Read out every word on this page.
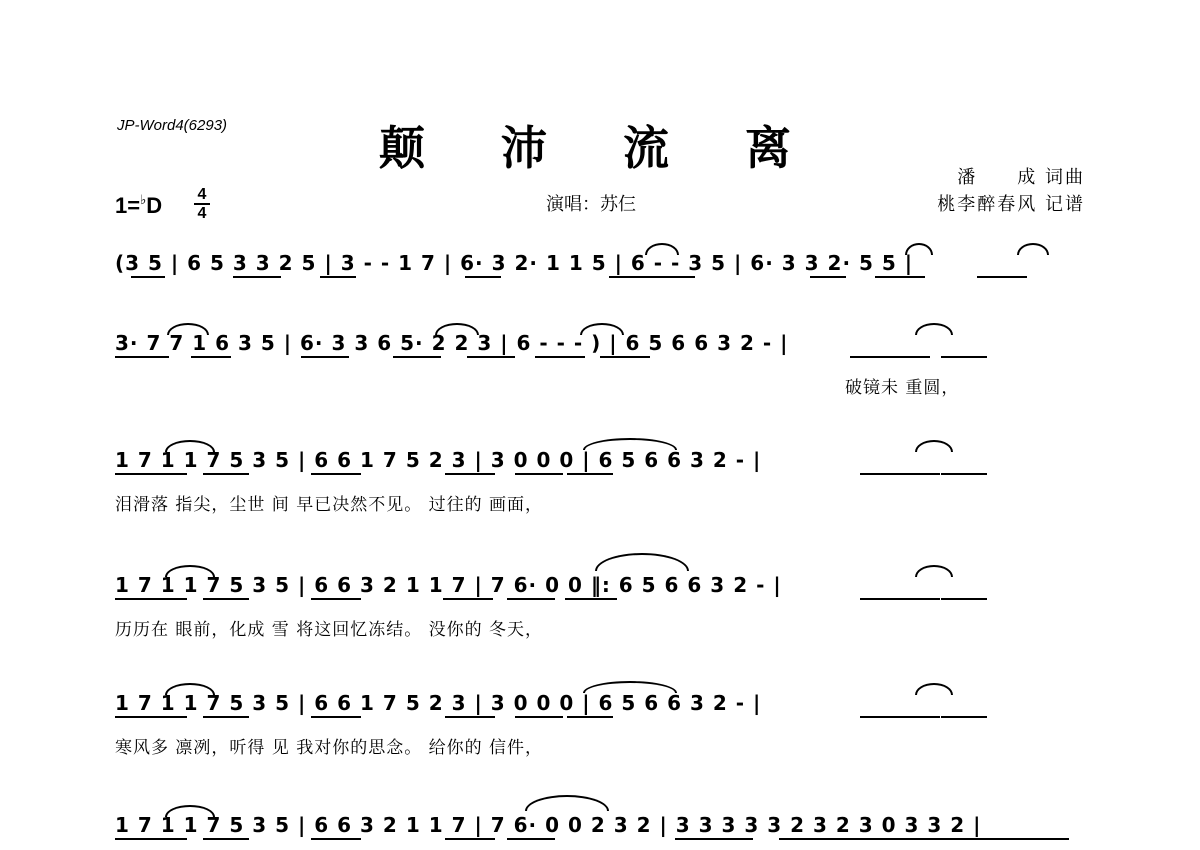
JP-Word4(6293)	颠 沛 流 离
1=♭D	4
4	演唱：苏仨
潘　　成 词曲
桃李醉春风 记谱
(3 5 | 6 5 3 3 2 5 | 3 - - 1 7 | 6· 3 2· 1 1 5 | 6 - - 3 5 | 6· 3 3 2· 5 5 |
3· 7 7 1 6 3 5 | 6· 3 3 6 5· 2 2 3 | 6 - - - ) | 6 5 6 6 3 2 - |
破镜未 重圆，
1 7 1 1 7 5 3 5 | 6 6 1 7 5 2 3 | 3 0 0 0 | 6 5 6 6 3 2 - |
泪滑落 指尖，尘世 间 早已决然不见。 过往的 画面，
1 7 1 1 7 5 3 5 | 6 6 3 2 1 1 7 | 7 6· 0 0 ‖: 6 5 6 6 3 2 - |
历历在 眼前，化成 雪 将这回忆冻结。 没你的 冬天，
1 7 1 1 7 5 3 5 | 6 6 1 7 5 2 3 | 3 0 0 0 | 6 5 6 6 3 2 - |
寒风多 凛冽，听得 见 我对你的思念。 给你的 信件，
1 7 1 1 7 5 3 5 | 6 6 3 2 1 1 7 | 7 6· 0 0 2 3 2 | 3 3 3 3 3 2 3 2 3 0 3 3 2 |
